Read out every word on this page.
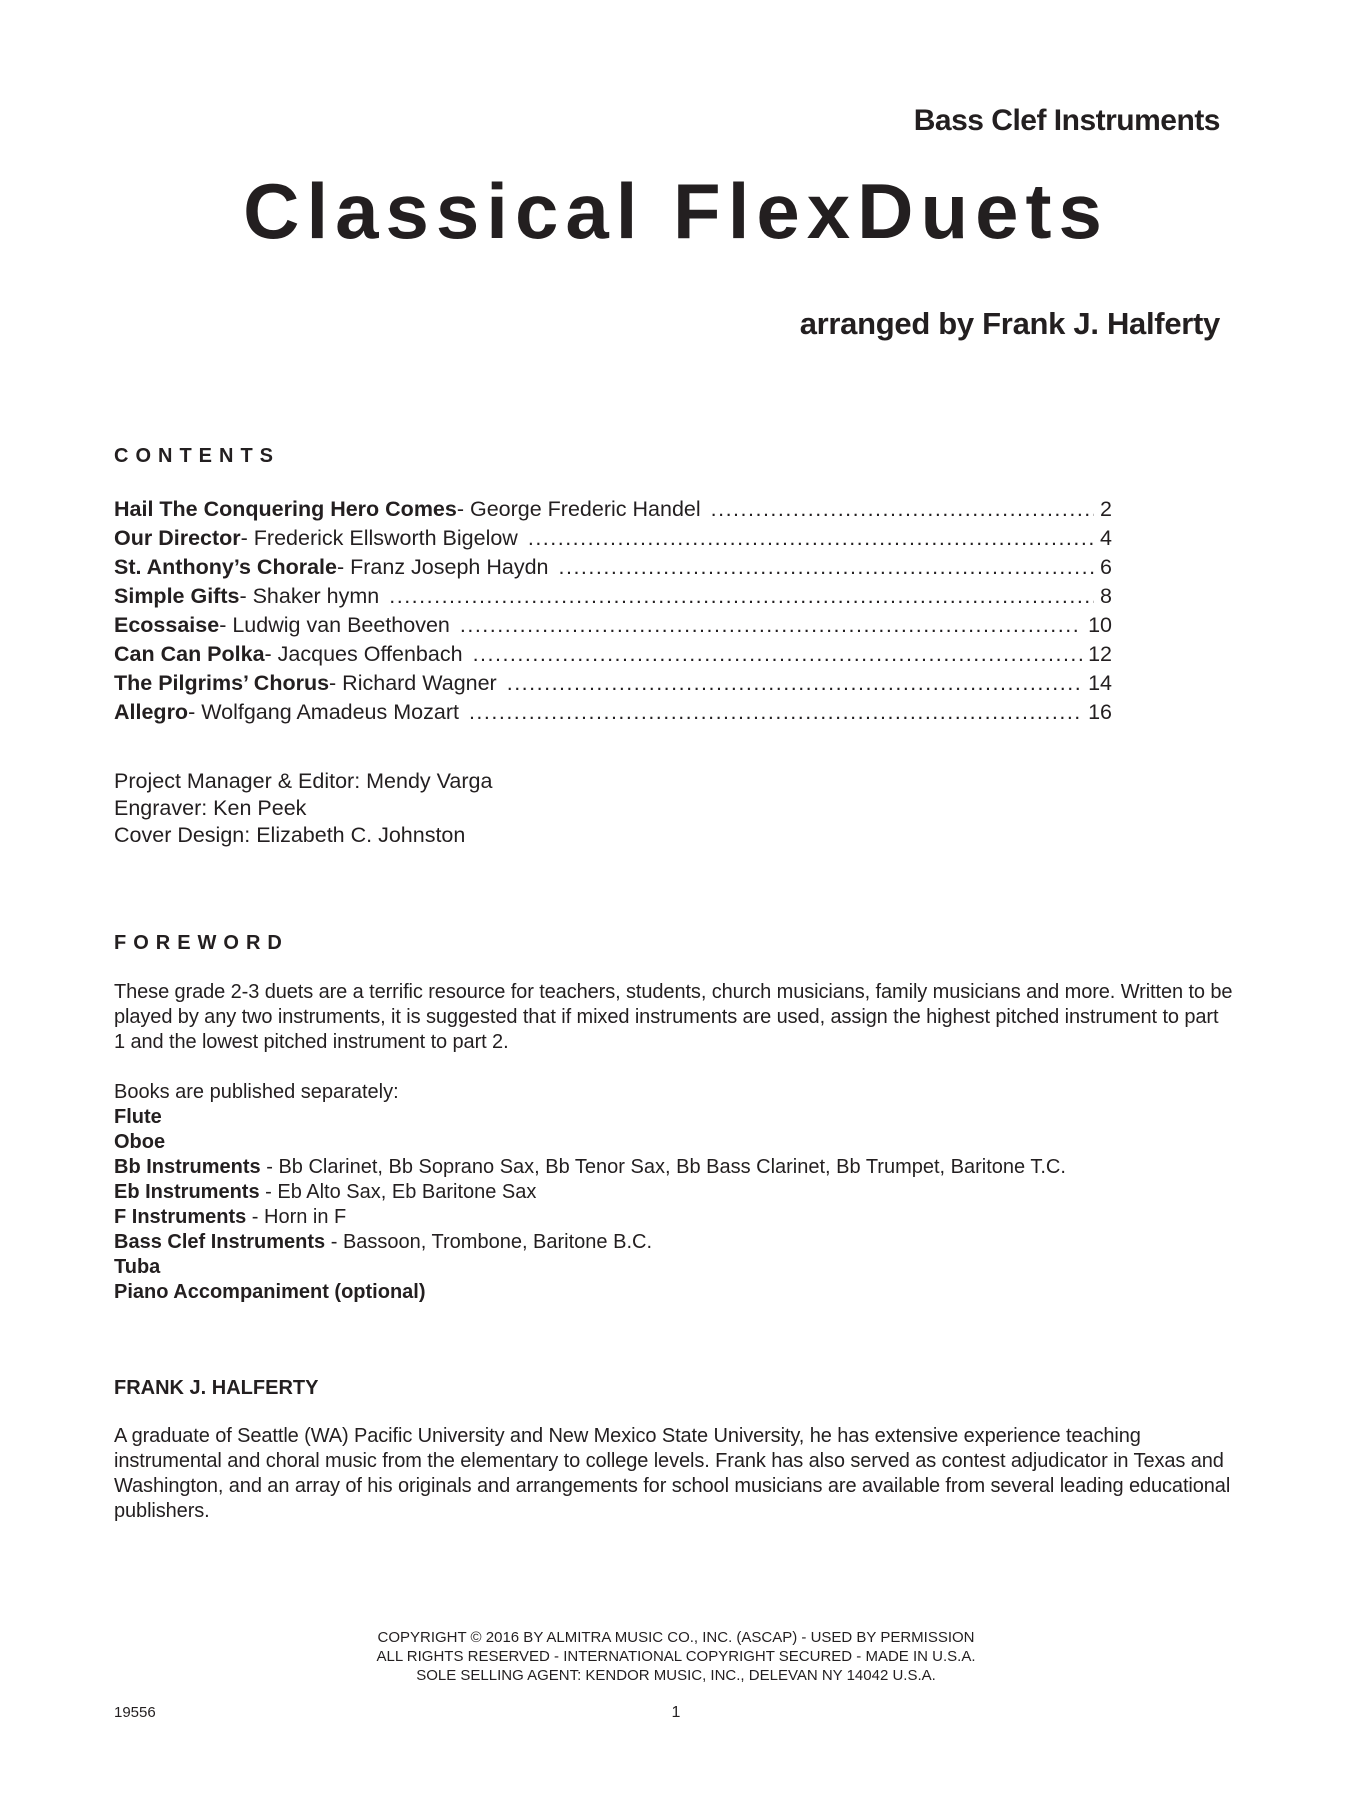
Bass Clef Instruments
Classical FlexDuets
arranged by Frank J. Halferty
CONTENTS
Hail The Conquering Hero Comes - George Frederic Handel .....	2
Our Director - Frederick Ellsworth Bigelow .....	4
St. Anthony’s Chorale - Franz Joseph Haydn .....	6
Simple Gifts - Shaker hymn .....	8
Ecossaise - Ludwig van Beethoven .....	10
Can Can Polka - Jacques Offenbach .....	12
The Pilgrims’ Chorus - Richard Wagner .....	14
Allegro - Wolfgang Amadeus Mozart .....	16
Project Manager & Editor: Mendy Varga
Engraver: Ken Peek
Cover Design: Elizabeth C. Johnston
FOREWORD
These grade 2-3 duets are a terrific resource for teachers, students, church musicians, family musicians and more. Written to be played by any two instruments, it is suggested that if mixed instruments are used, assign the highest pitched instrument to part 1 and the lowest pitched instrument to part 2.
Books are published separately:
Flute
Oboe
Bb Instruments - Bb Clarinet, Bb Soprano Sax, Bb Tenor Sax, Bb Bass Clarinet, Bb Trumpet, Baritone T.C.
Eb Instruments - Eb Alto Sax, Eb Baritone Sax
F Instruments - Horn in F
Bass Clef Instruments - Bassoon, Trombone, Baritone B.C.
Tuba
Piano Accompaniment (optional)
FRANK J. HALFERTY
A graduate of Seattle (WA) Pacific University and New Mexico State University, he has extensive experience teaching instrumental and choral music from the elementary to college levels. Frank has also served as contest adjudicator in Texas and Washington, and an array of his originals and arrangements for school musicians are available from several leading educational publishers.
COPYRIGHT © 2016 BY ALMITRA MUSIC CO., INC. (ASCAP) - USED BY PERMISSION
ALL RIGHTS RESERVED - INTERNATIONAL COPYRIGHT SECURED - MADE IN U.S.A.
SOLE SELLING AGENT: KENDOR MUSIC, INC., DELEVAN NY 14042 U.S.A.
19556	1
